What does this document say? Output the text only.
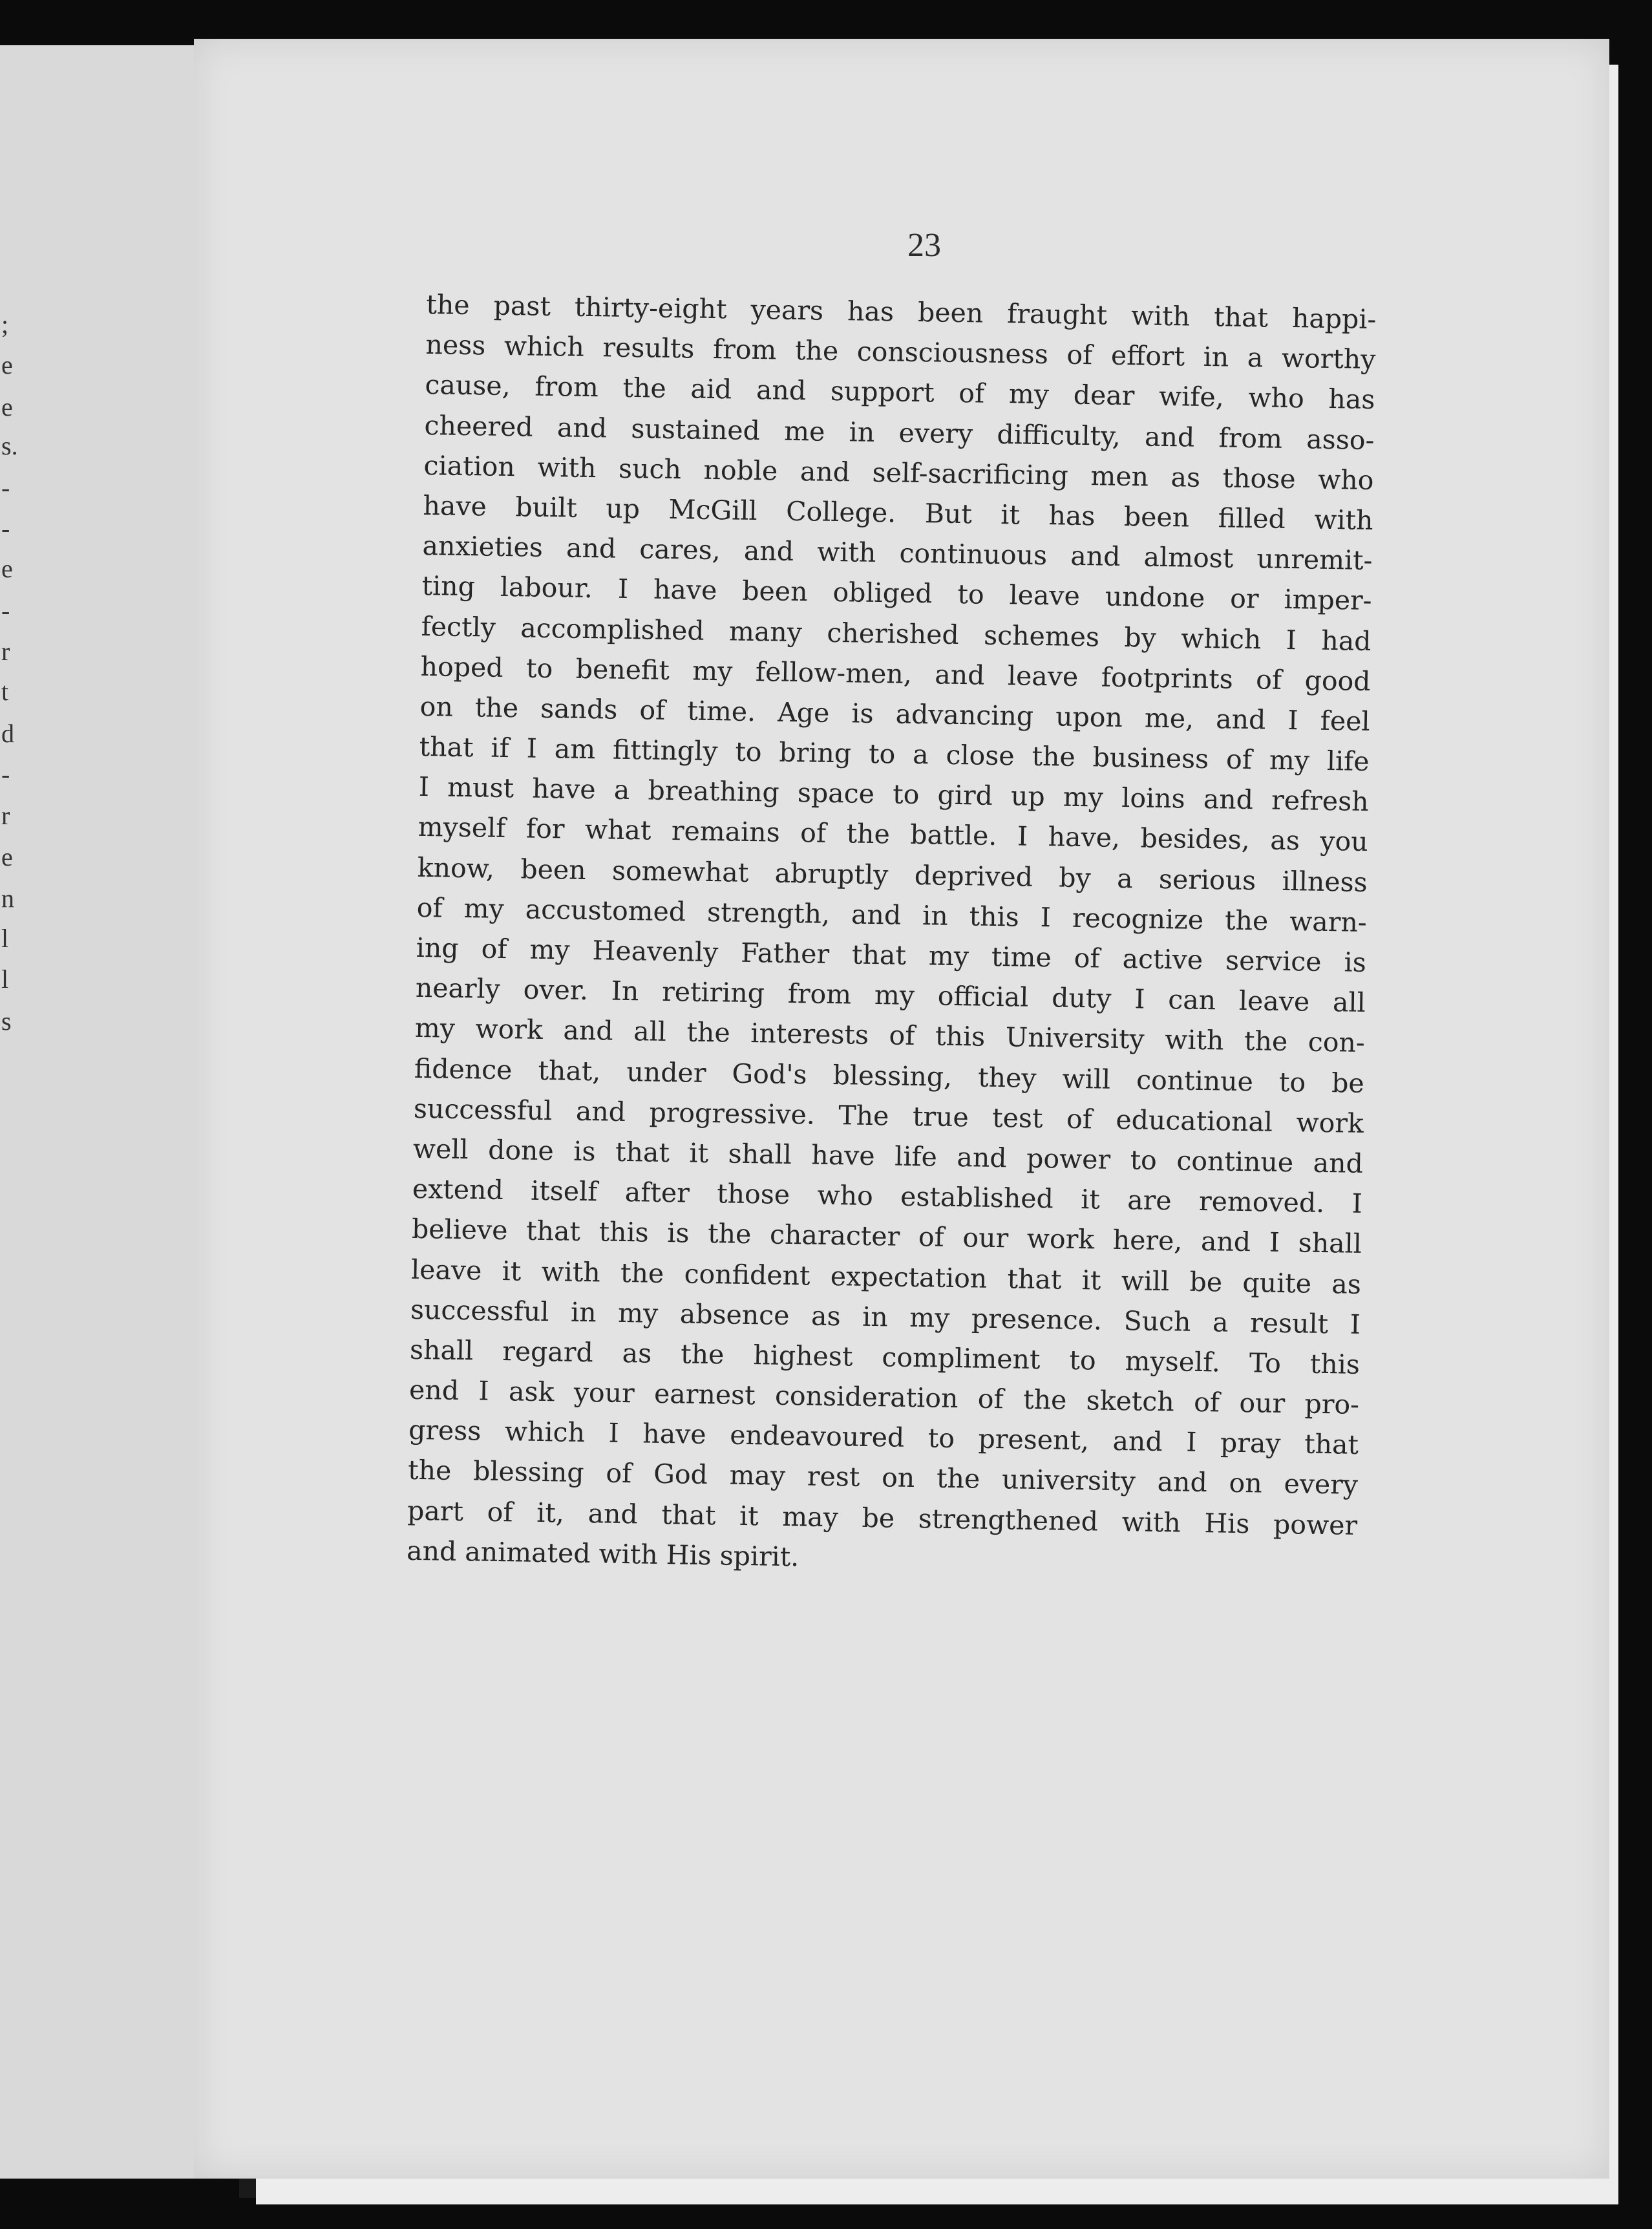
;
e
e
s.
-
-
e
-
r
t
d
-
r
e
n
l
l
s
23
the past thirty-eight years has been fraught with that happi-
ness which results from the consciousness of effort in a worthy
cause, from the aid and support of my dear wife, who has
cheered and sustained me in every difficulty, and from asso-
ciation with such noble and self-sacrificing men as those who
have built up McGill College. But it has been filled with
anxieties and cares, and with continuous and almost unremit-
ting labour. I have been obliged to leave undone or imper-
fectly accomplished many cherished schemes by which I had
hoped to benefit my fellow-men, and leave footprints of good
on the sands of time. Age is advancing upon me, and I feel
that if I am fittingly to bring to a close the business of my life
I must have a breathing space to gird up my loins and refresh
myself for what remains of the battle. I have, besides, as you
know, been somewhat abruptly deprived by a serious illness
of my accustomed strength, and in this I recognize the warn-
ing of my Heavenly Father that my time of active service is
nearly over. In retiring from my official duty I can leave all
my work and all the interests of this University with the con-
fidence that, under God's blessing, they will continue to be
successful and progressive. The true test of educational work
well done is that it shall have life and power to continue and
extend itself after those who established it are removed. I
believe that this is the character of our work here, and I shall
leave it with the confident expectation that it will be quite as
successful in my absence as in my presence. Such a result I
shall regard as the highest compliment to myself. To this
end I ask your earnest consideration of the sketch of our pro-
gress which I have endeavoured to present, and I pray that
the blessing of God may rest on the university and on every
part of it, and that it may be strengthened with His power
and animated with His spirit.
